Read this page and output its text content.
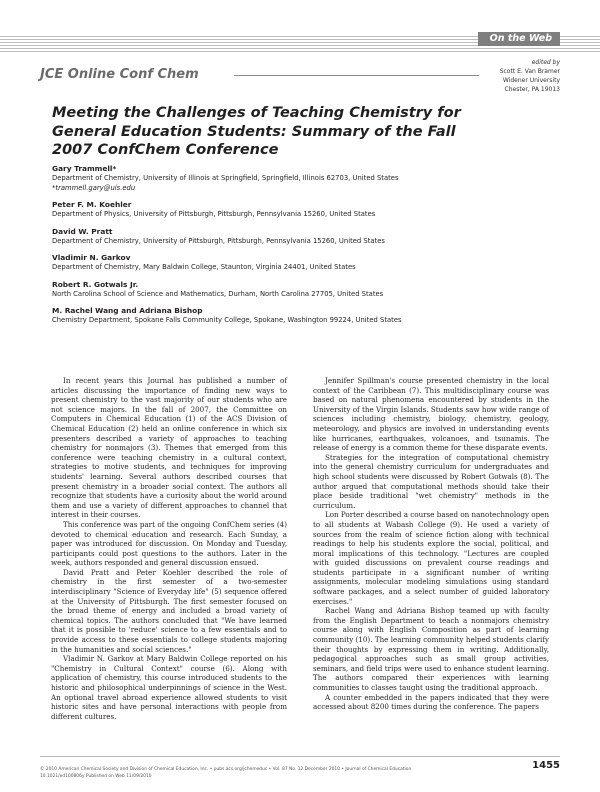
On the Web
JCE Online Conf Chem
edited by
Scott E. Van Bramer
Widener University
Chester, PA 19013
Meeting the Challenges of Teaching Chemistry for General Education Students: Summary of the Fall 2007 ConfChem Conference
Gary Trammell*
Department of Chemistry, University of Illinois at Springfield, Springfield, Illinois 62703, United States
*trammell.gary@uis.edu
Peter F. M. Koehler
Department of Physics, University of Pittsburgh, Pittsburgh, Pennsylvania 15260, United States
David W. Pratt
Department of Chemistry, University of Pittsburgh, Pittsburgh, Pennsylvania 15260, United States
Vladimir N. Garkov
Department of Chemistry, Mary Baldwin College, Staunton, Virginia 24401, United States
Robert R. Gotwals Jr.
North Carolina School of Science and Mathematics, Durham, North Carolina 27705, United States
M. Rachel Wang and Adriana Bishop
Chemistry Department, Spokane Falls Community College, Spokane, Washington 99224, United States

In recent years this Journal has published a number of articles discussing the importance of finding new ways to present chemistry to the vast majority of our students who are not science majors. In the fall of 2007, the Committee on Computers in Chemical Education (1) of the ACS Division of Chemical Education (2) held an online conference in which six presenters described a variety of approaches to teaching chemistry for nonmajors (3). Themes that emerged from this conference were teaching chemistry in a cultural context, strategies to motive students, and techniques for improving students' learning. Several authors described courses that present chemistry in a broader social context. The authors all recognize that students have a curiosity about the world around them and use a variety of different approaches to channel that interest in their courses.

This conference was part of the ongoing ConfChem series (4) devoted to chemical education and research. Each Sunday, a paper was introduced for discussion. On Monday and Tuesday, participants could post questions to the authors. Later in the week, authors responded and general discussion ensued.

David Pratt and Peter Koehler described the role of chemistry in the first semester of a two-semester interdisciplinary "Science of Everyday life" (5) sequence offered at the University of Pittsburgh. The first semester focused on the broad theme of energy and included a broad variety of chemical topics. The authors concluded that "We have learned that it is possible to 'reduce' science to a few essentials and to provide access to these essentials to college students majoring in the humanities and social sciences."

Vladimir N. Garkov at Mary Baldwin College reported on his "Chemistry in Cultural Context" course (6). Along with application of chemistry, this course introduced students to the historic and philosophical underpinnings of science in the West. An optional travel abroad experience allowed students to visit historic sites and have personal interactions with people from different cultures.

Jennifer Spillman's course presented chemistry in the local context of the Caribbean (7). This multidisciplinary course was based on natural phenomena encountered by students in the University of the Virgin Islands. Students saw how wide range of sciences including chemistry, biology, chemistry, geology, meteorology, and physics are involved in understanding events like hurricanes, earthquakes, volcanoes, and tsunamis. The release of energy is a common theme for these disparate events.

Strategies for the integration of computational chemistry into the general chemistry curriculum for undergraduates and high school students were discussed by Robert Gotwals (8). The author argued that computational methods should take their place beside traditional "wet chemistry" methods in the curriculum.

Lon Porter described a course based on nanotechnology open to all students at Wabash College (9). He used a variety of sources from the realm of science fiction along with technical readings to help his students explore the social, political, and moral implications of this technology. "Lectures are coupled with guided discussions on prevalent course readings and students participate in a significant number of writing assignments, molecular modeling simulations using standard software packages, and a select number of guided laboratory exercises."

Rachel Wang and Adriana Bishop teamed up with faculty from the English Department to teach a nonmajors chemistry course along with English Composition as part of learning community (10). The learning community helped students clarify their thoughts by expressing them in writing. Additionally, pedagogical approaches such as small group activities, seminars, and field trips were used to enhance student learning. The authors compared their experiences with learning communities to classes taught using the traditional approach.

A counter embedded in the papers indicated that they were accessed about 8200 times during the conference. The papers

© 2010 American Chemical Society and Division of Chemical Education, Inc. • pubs.acs.org/jchemeduc • Vol. 87 No. 12 December 2010 • Journal of Chemical Education
10.1021/ed100806y Published on Web 11/09/2010
1455
